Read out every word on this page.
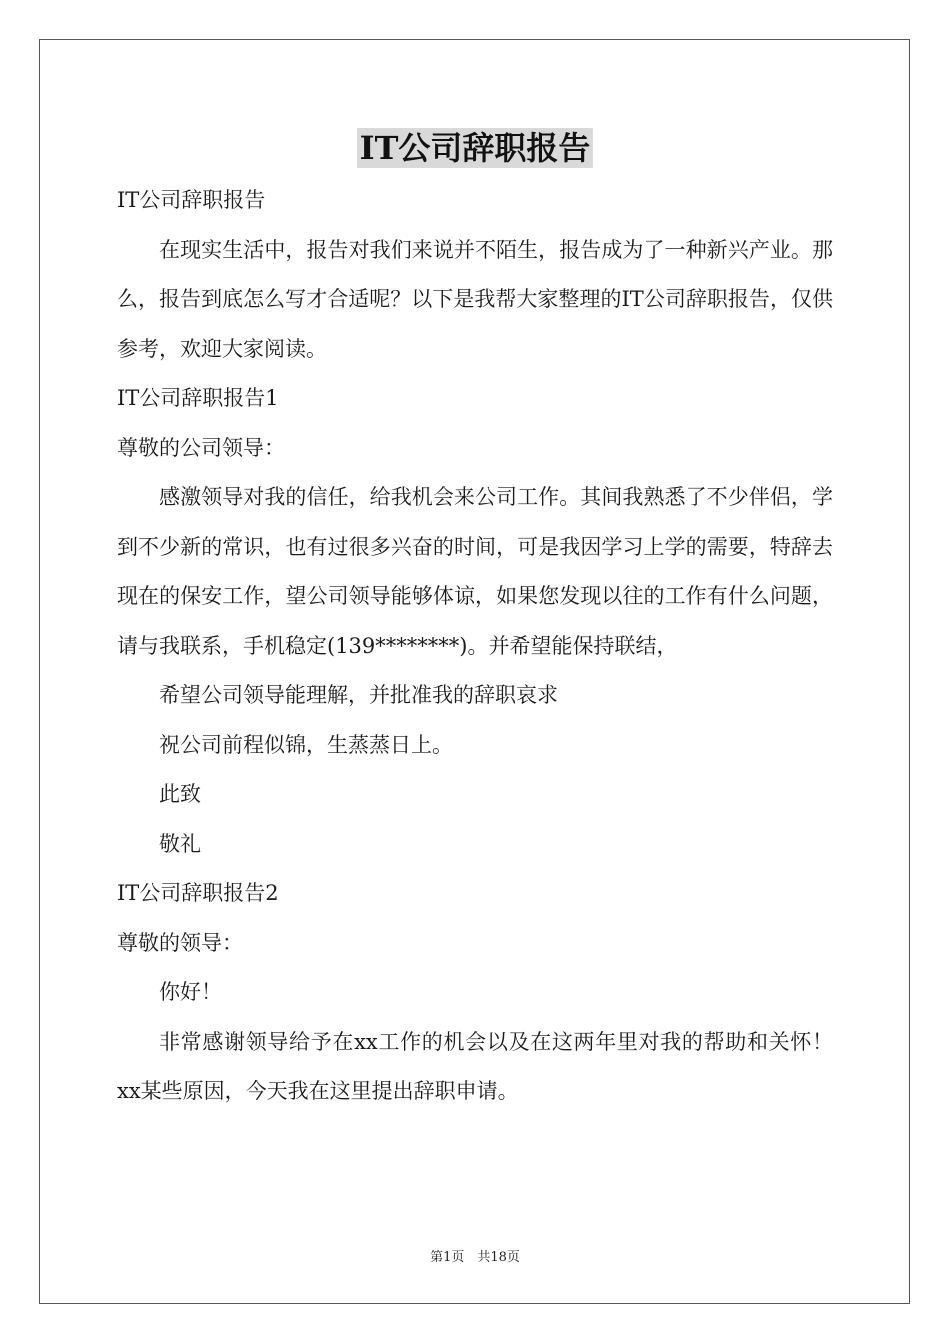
IT公司辞职报告

IT公司辞职报告

在现实生活中，报告对我们来说并不陌生，报告成为了一种新兴产业。那么，报告到底怎么写才合适呢？以下是我帮大家整理的IT公司辞职报告，仅供参考，欢迎大家阅读。

IT公司辞职报告1

尊敬的公司领导：

感激领导对我的信任，给我机会来公司工作。其间我熟悉了不少伴侣，学到不少新的常识，也有过很多兴奋的时间，可是我因学习上学的需要，特辞去现在的保安工作，望公司领导能够体谅，如果您发现以往的工作有什么问题，请与我联系，手机稳定(139********)。并希望能保持联结，

希望公司领导能理解，并批准我的辞职哀求

祝公司前程似锦，生蒸蒸日上。

此致

敬礼

IT公司辞职报告2

尊敬的领导：

你好！

非常感谢领导给予在xx工作的机会以及在这两年里对我的帮助和关怀！xx某些原因，今天我在这里提出辞职申请。

第1页　共18页
